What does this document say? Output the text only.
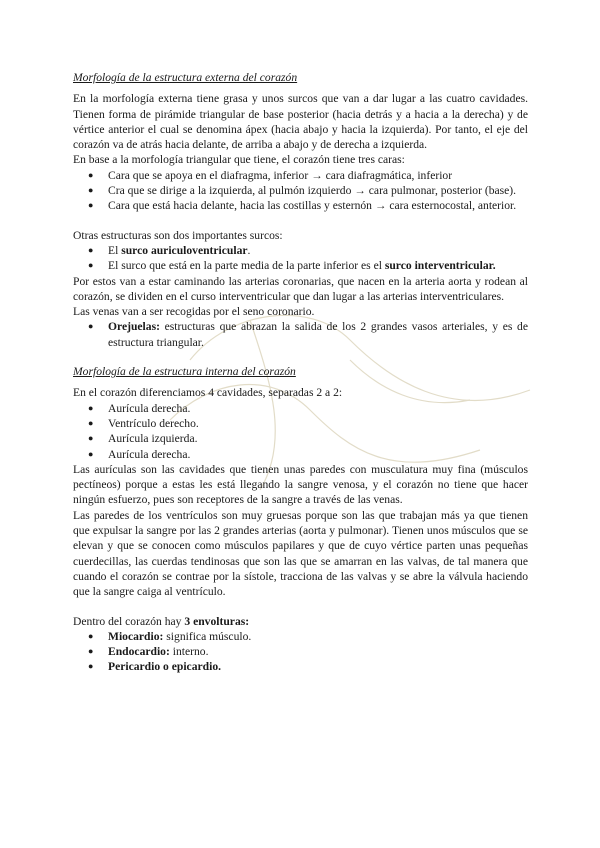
Morfología de la estructura externa del corazón

En la morfología externa tiene grasa y unos surcos que van a dar lugar a las cuatro cavidades. Tienen forma de pirámide triangular de base posterior (hacia detrás y a hacia a la derecha) y de vértice anterior el cual se denomina ápex (hacia abajo y hacia la izquierda). Por tanto, el eje del corazón va de atrás hacia delante, de arriba a abajo y de derecha a izquierda.

En base a la morfología triangular que tiene, el corazón tiene tres caras:

● Cara que se apoya en el diafragma, inferior → cara diafragmática, inferior
● Cra que se dirige a la izquierda, al pulmón izquierdo → cara pulmonar, posterior (base).
● Cara que está hacia delante, hacia las costillas y esternón → cara esternocostal, anterior.

Otras estructuras son dos importantes surcos:

● El surco auriculoventricular.
● El surco que está en la parte media de la parte inferior es el surco interventricular.

Por estos van a estar caminando las arterias coronarias, que nacen en la arteria aorta y rodean al corazón, se dividen en el curso interventricular que dan lugar a las arterias interventriculares.

Las venas van a ser recogidas por el seno coronario.

● Orejuelas: estructuras que abrazan la salida de los 2 grandes vasos arteriales, y es de estructura triangular.
Morfología de la estructura interna del corazón

En el corazón diferenciamos 4 cavidades, separadas 2 a 2:

● Aurícula derecha.
● Ventrículo derecho.
● Aurícula izquierda.
● Aurícula derecha.

Las aurículas son las cavidades que tienen unas paredes con musculatura muy fina (músculos pectíneos) porque a estas les está llegando la sangre venosa, y el corazón no tiene que hacer ningún esfuerzo, pues son receptores de la sangre a través de las venas.

Las paredes de los ventrículos son muy gruesas porque son las que trabajan más ya que tienen que expulsar la sangre por las 2 grandes arterias (aorta y pulmonar). Tienen unos músculos que se elevan y que se conocen como músculos papilares y que de cuyo vértice parten unas pequeñas cuerdecillas, las cuerdas tendinosas que son las que se amarran en las valvas, de tal manera que cuando el corazón se contrae por la sístole, tracciona de las valvas y se abre la válvula haciendo que la sangre caiga al ventrículo.

Dentro del corazón hay 3 envolturas:

● Miocardio: significa músculo.
● Endocardio: interno.
● Pericardio o epicardio.
